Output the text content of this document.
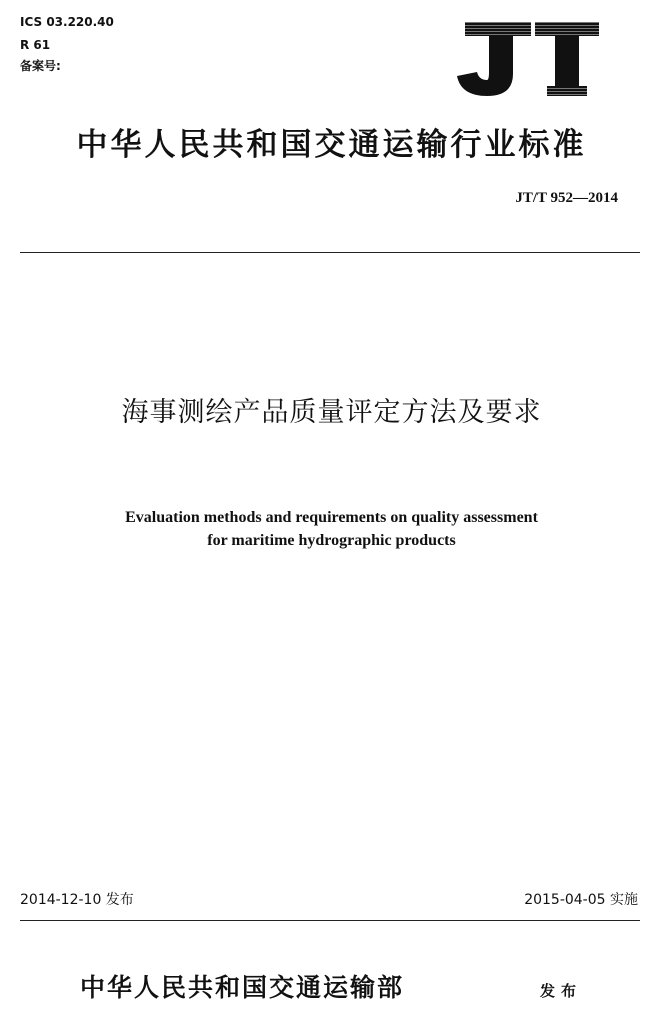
ICS 03.220.40
R 61
备案号:
中华人民共和国交通运输行业标准
JT/T 952—2014
海事测绘产品质量评定方法及要求
Evaluation methods and requirements on quality assessment
for maritime hydrographic products
2014-12-10 发布	2015-04-05 实施
中华人民共和国交通运输部	发布
